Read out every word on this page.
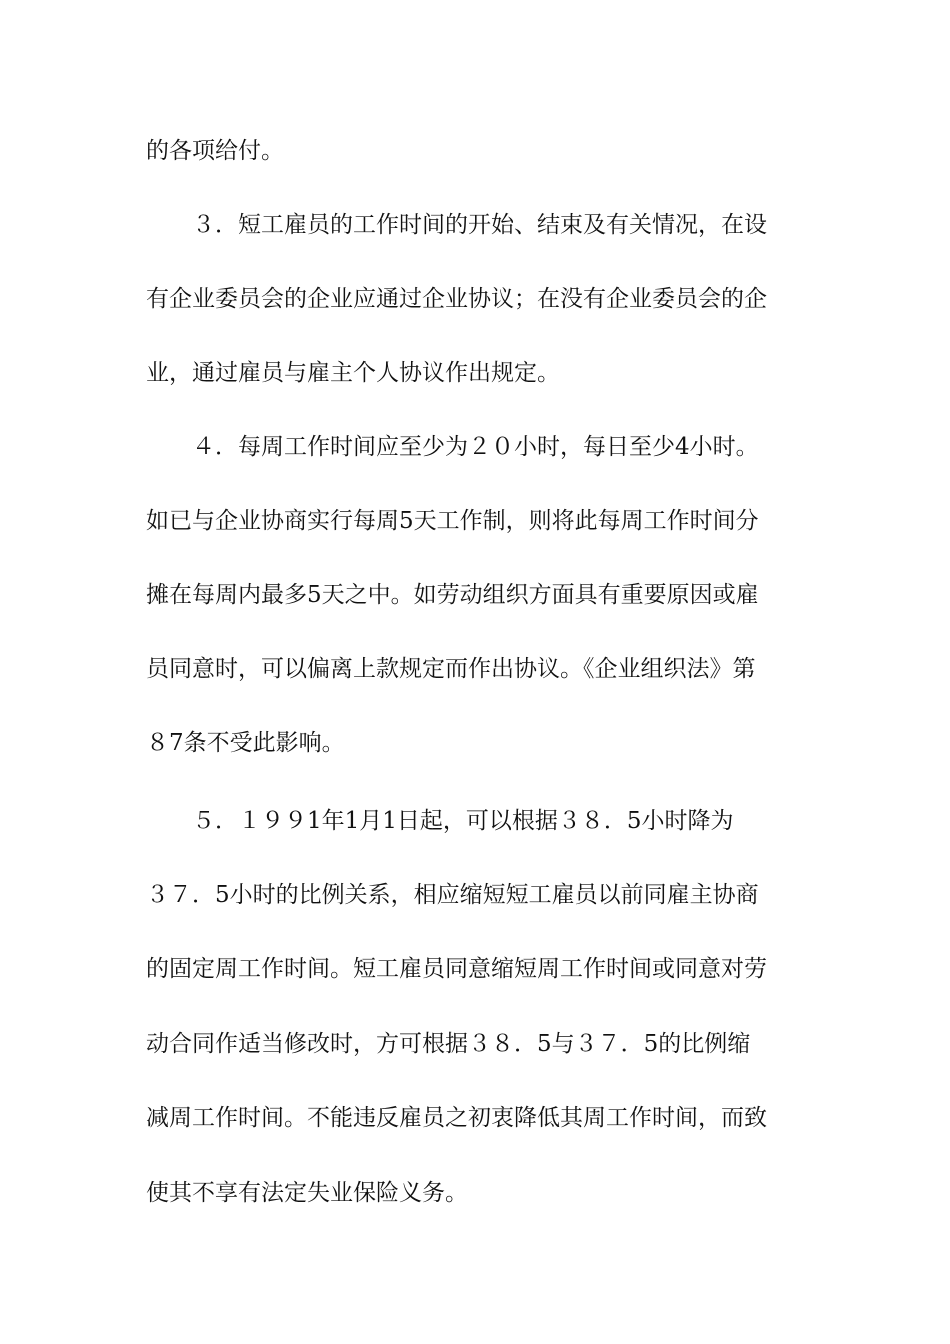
的各项给付。
　　３．短工雇员的工作时间的开始、结束及有关情况，在设
有企业委员会的企业应通过企业协议；在没有企业委员会的企
业，通过雇员与雇主个人协议作出规定。
　　４．每周工作时间应至少为２０小时，每日至少4小时。
如已与企业协商实行每周5天工作制，则将此每周工作时间分
摊在每周内最多5天之中。如劳动组织方面具有重要原因或雇
员同意时，可以偏离上款规定而作出协议。《企业组织法》第
８7条不受此影响。
　　５．１９９1年1月1日起，可以根据３８．5小时降为
３７．5小时的比例关系，相应缩短短工雇员以前同雇主协商
的固定周工作时间。短工雇员同意缩短周工作时间或同意对劳
动合同作适当修改时，方可根据３８．5与３７．5的比例缩
减周工作时间。不能违反雇员之初衷降低其周工作时间，而致
使其不享有法定失业保险义务。
